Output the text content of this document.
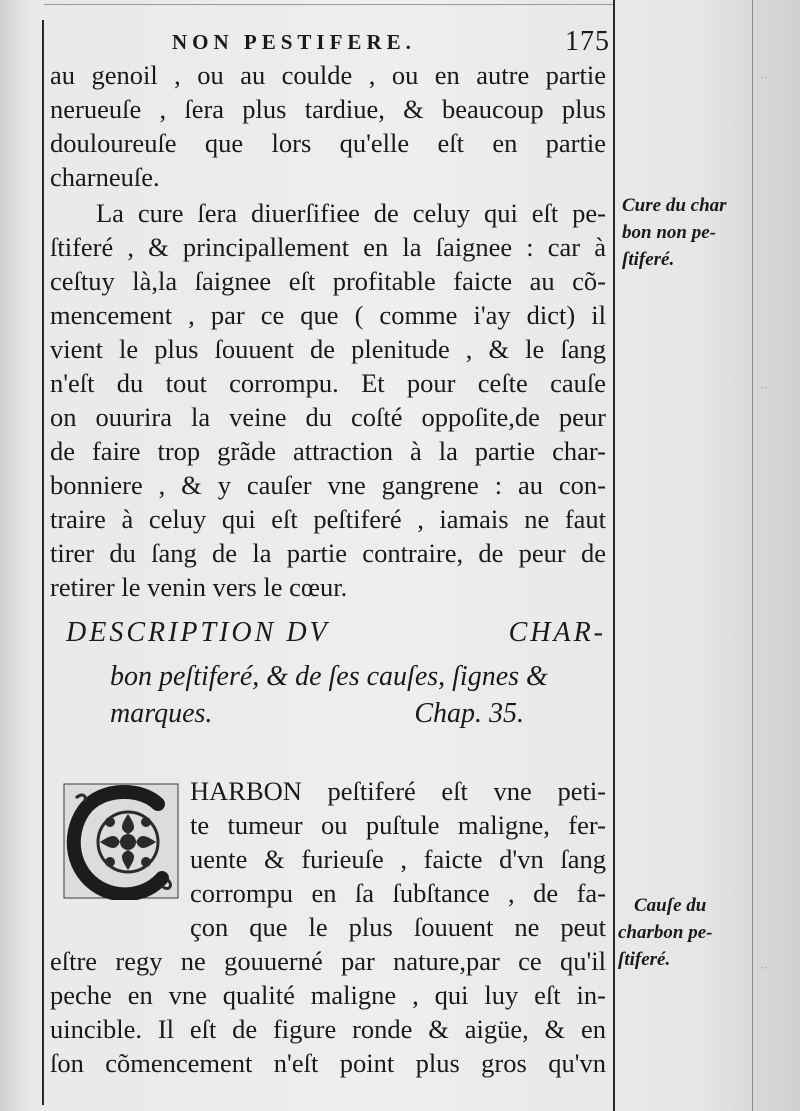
NON PESTIFERE.	175
au genoil , ou au coulde , ou en autre partie
nerueuſe , ſera plus tardiue, & beaucoup plus
douloureuſe que lors qu'elle eſt en partie
charneuſe.
La cure ſera diuerſifiee de celuy qui eſt pe-
ſtiferé , & principallement en la ſaignee : car à
ceſtuy là,la ſaignee eſt profitable faicte au cõ-
mencement , par ce que ( comme i'ay dict) il
vient le plus ſouuent de plenitude , & le ſang
n'eſt du tout corrompu. Et pour ceſte cauſe
on ouurira la veine du coſté oppoſite,de peur
de faire trop grãde attraction à la partie char-
bonniere , & y cauſer vne gangrene : au con-
traire à celuy qui eſt peſtiferé , iamais ne faut
tirer du ſang de la partie contraire, de peur de
retirer le venin vers le cœur.
DESCRIPTION DV	CHAR-
bon peſtiferé, & de ſes cauſes, ſignes &
marques.	Chap. 35.
HARBON peſtiferé eſt vne peti-
te tumeur ou puſtule maligne, fer-
uente & furieuſe , faicte d'vn ſang
corrompu en ſa ſubſtance , de fa-
çon que le plus ſouuent ne peut
eſtre regy ne gouuerné par nature,par ce qu'il
peche en vne qualité maligne , qui luy eſt in-
uincible. Il eſt de figure ronde & aigüe, & en
ſon cõmencement n'eſt point plus gros qu'vn
Cure du char
bon non pe-
ſtiferé.
Cauſe du
charbon pe-
ſtiferé.
··
··
··
